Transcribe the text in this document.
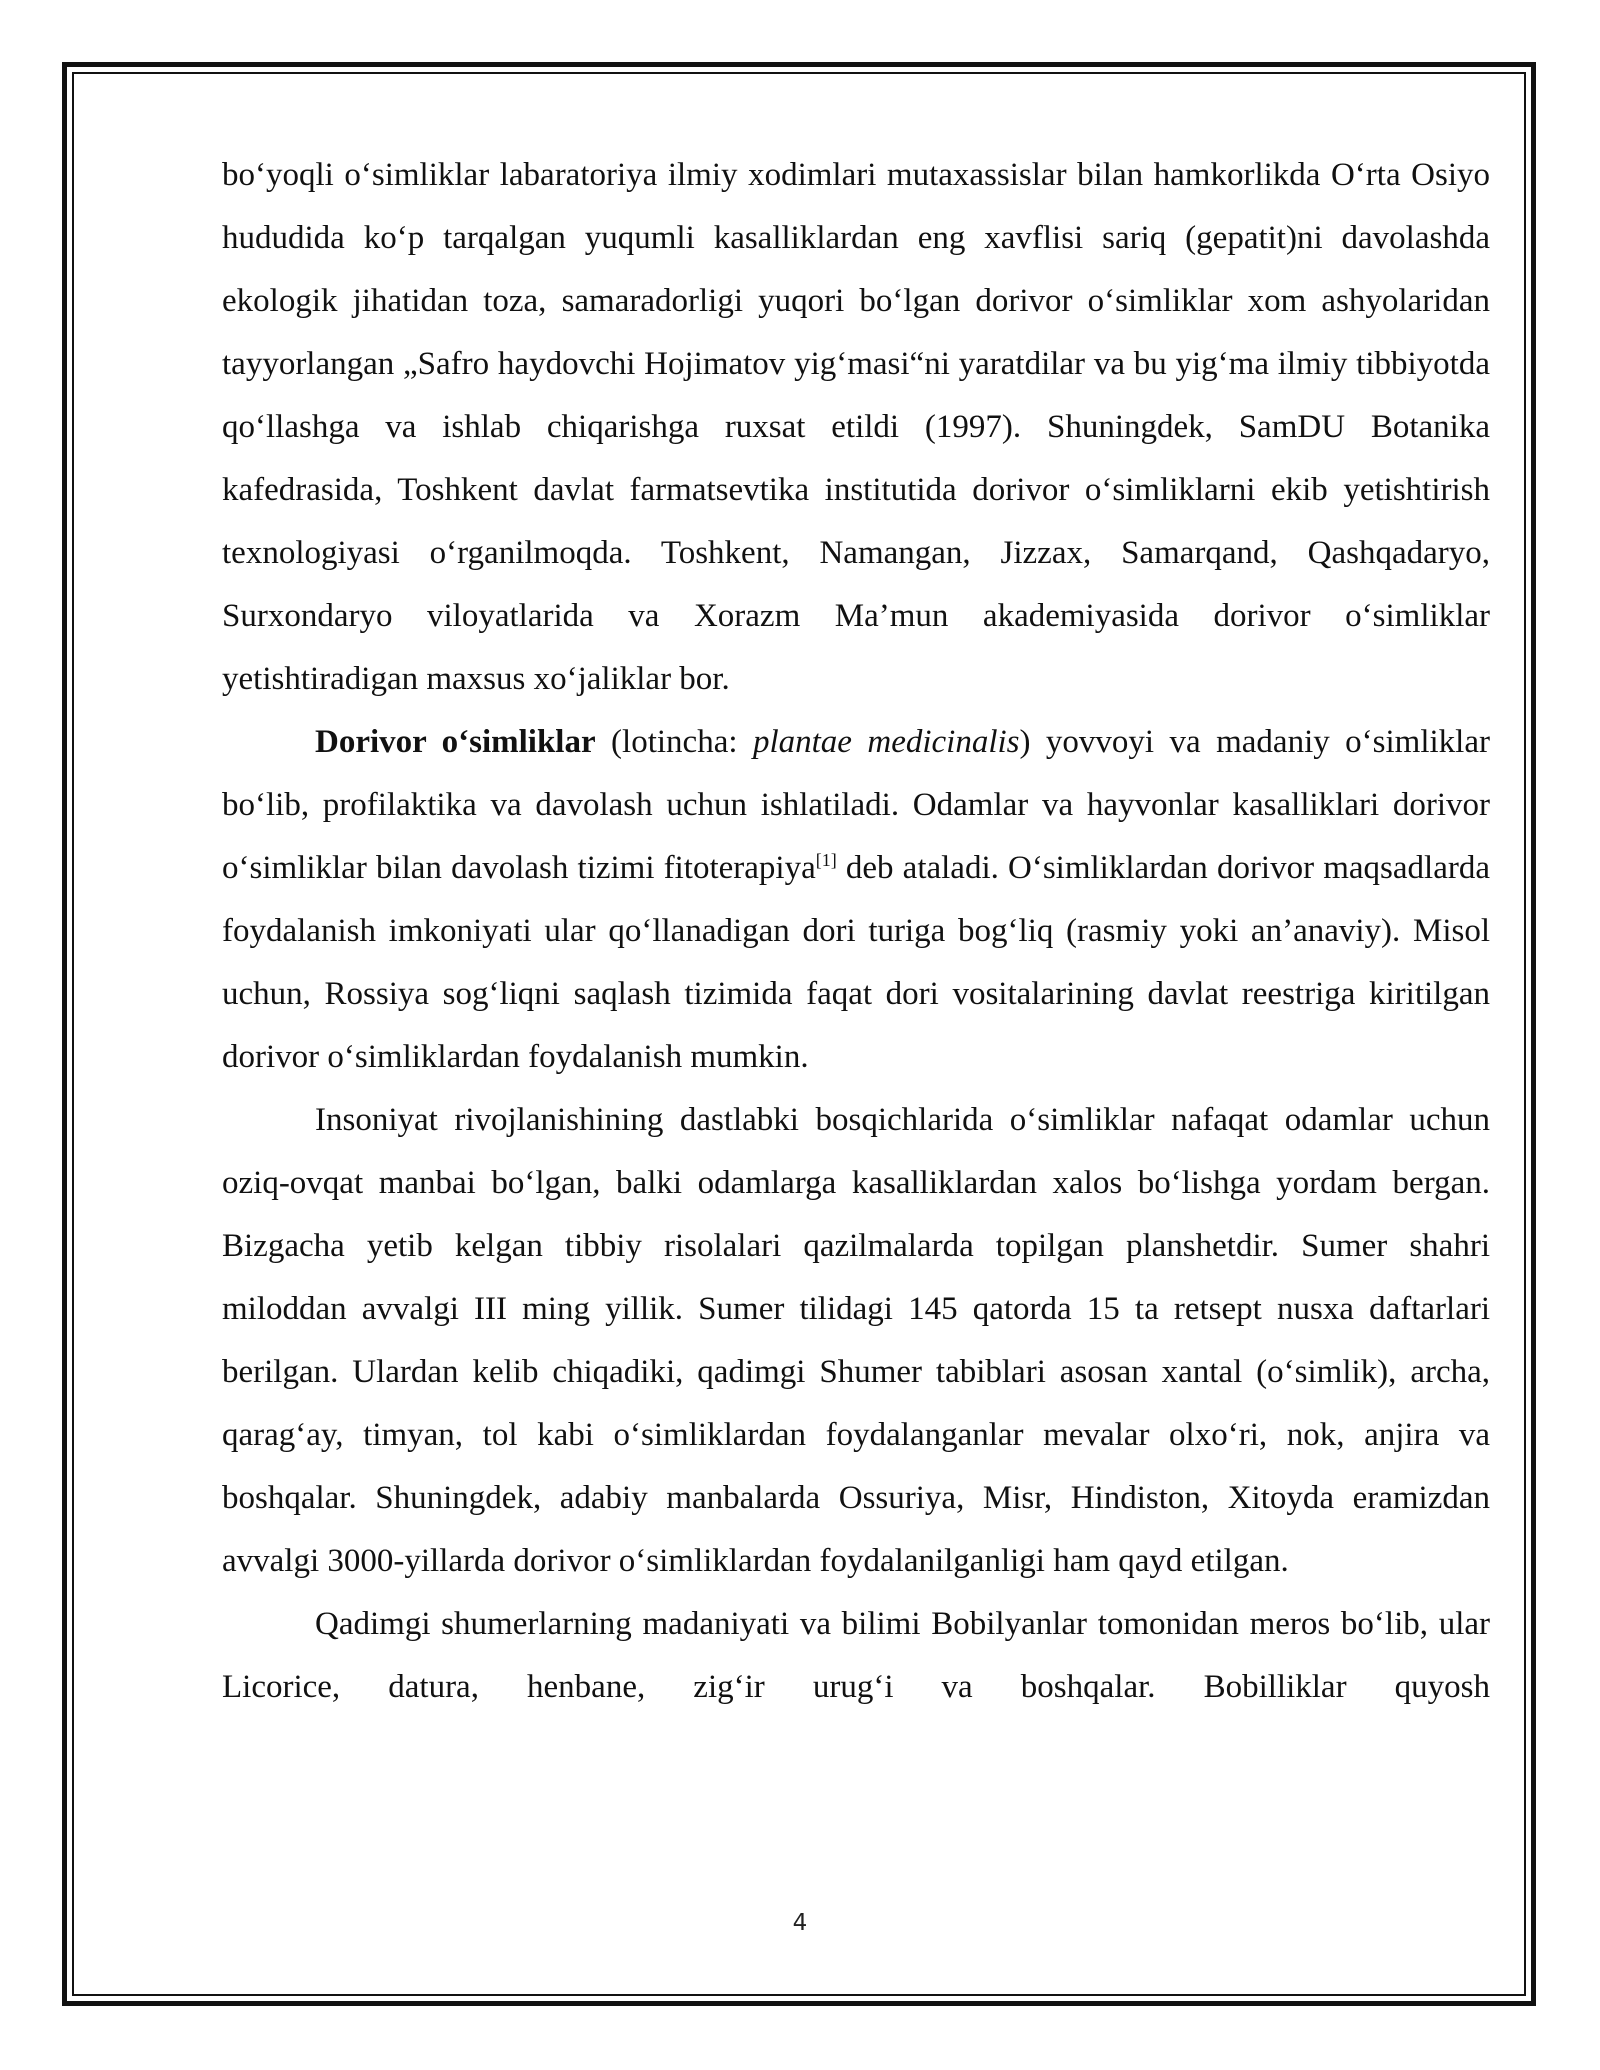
bo‘yoqli o‘simliklar labaratoriya ilmiy xodimlari mutaxassislar bilan hamkorlikda O‘rta Osiyo hududida ko‘p tarqalgan yuqumli kasalliklardan eng xavflisi sariq (gepatit)ni davolashda ekologik jihatidan toza, samaradorligi yuqori bo‘lgan dorivor o‘simliklar xom ashyolaridan tayyorlangan „Safro haydovchi Hojimatov yig‘masi“ni yaratdilar va bu yig‘ma ilmiy tibbiyotda qo‘llashga va ishlab chiqarishga ruxsat etildi (1997). Shuningdek, SamDU Botanika kafedrasida, Toshkent davlat farmatsevtika institutida dorivor o‘simliklarni ekib yetishtirish texnologiyasi o‘rganilmoqda. Toshkent, Namangan, Jizzax, Samarqand, Qashqadaryo, Surxondaryo viloyatlarida va Xorazm Ma’mun akademiyasida dorivor o‘simliklar yetishtiradigan maxsus xo‘jaliklar bor.

Dorivor o‘simliklar (lotincha: plantae medicinalis) yovvoyi va madaniy o‘simliklar bo‘lib, profilaktika va davolash uchun ishlatiladi. Odamlar va hayvonlar kasalliklari dorivor o‘simliklar bilan davolash tizimi fitoterapiya[1] deb ataladi. O‘simliklardan dorivor maqsadlarda foydalanish imkoniyati ular qo‘llanadigan dori turiga bog‘liq (rasmiy yoki an’anaviy). Misol uchun, Rossiya sog‘liqni saqlash tizimida faqat dori vositalarining davlat reestriga kiritilgan dorivor o‘simliklardan foydalanish mumkin.

Insoniyat rivojlanishining dastlabki bosqichlarida o‘simliklar nafaqat odamlar uchun oziq-ovqat manbai bo‘lgan, balki odamlarga kasalliklardan xalos bo‘lishga yordam bergan. Bizgacha yetib kelgan tibbiy risolalari qazilmalarda topilgan planshetdir. Sumer shahri miloddan avvalgi III ming yillik. Sumer tilidagi 145 qatorda 15 ta retsept nusxa daftarlari berilgan. Ulardan kelib chiqadiki, qadimgi Shumer tabiblari asosan xantal (o‘simlik), archa, qarag‘ay, timyan, tol kabi o‘simliklardan foydalanganlar mevalar olxo‘ri, nok, anjira va boshqalar. Shuningdek, adabiy manbalarda Ossuriya, Misr, Hindiston, Xitoyda eramizdan avvalgi 3000-yillarda dorivor o‘simliklardan foydalanilganligi ham qayd etilgan.

Qadimgi shumerlarning madaniyati va bilimi Bobilyanlar tomonidan meros bo‘lib, ular Licorice, datura, henbane, zig‘ir urug‘i va boshqalar. Bobilliklar quyosh

4
